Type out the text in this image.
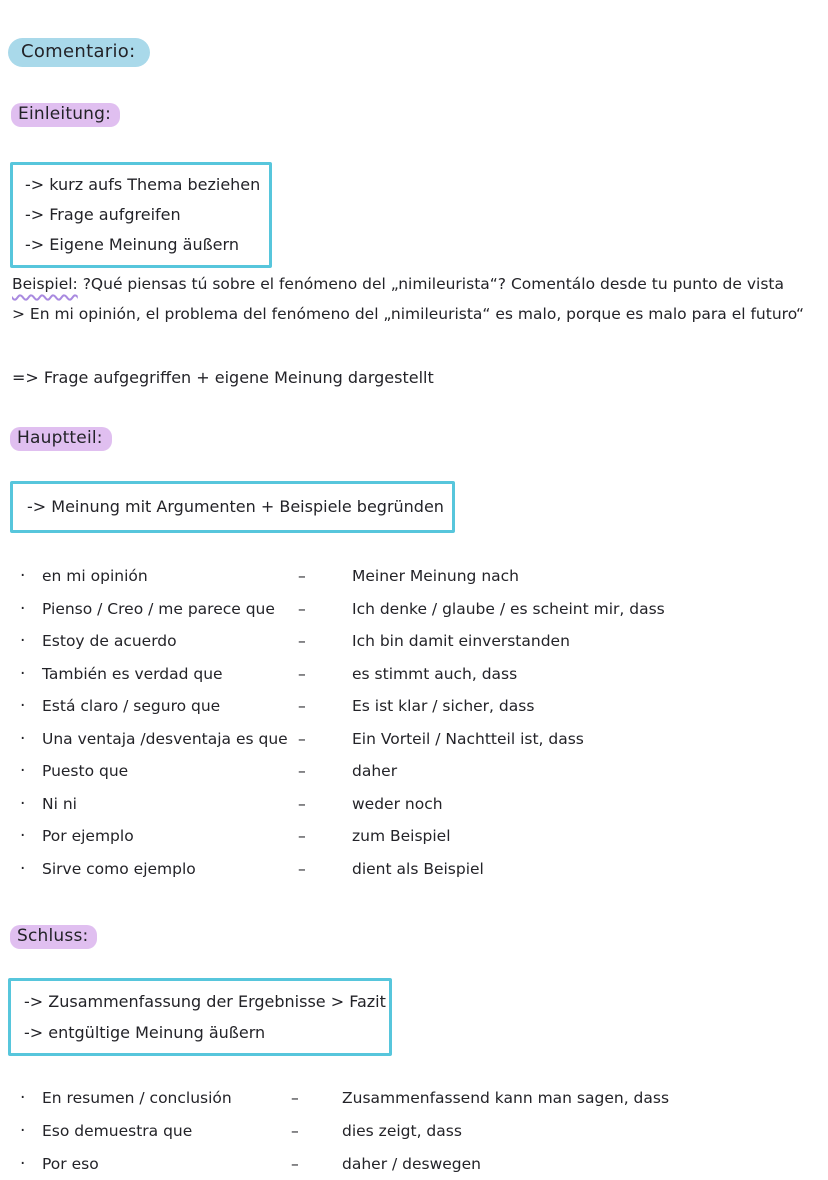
Comentario:
Einleitung:
-> kurz aufs Thema beziehen
-> Frage aufgreifen
-> Eigene Meinung äußern
Beispiel: ?Qué piensas tú sobre el fenómeno del „nimileurista“? Comentálo desde tu punto de vista
> En mi opinión, el problema del fenómeno del „nimileurista“ es malo, porque es malo para el futuro“
=> Frage aufgegriffen + eigene Meinung dargestellt
Hauptteil:
-> Meinung mit Argumenten + Beispiele begründen
·	en mi opinión	–	Meiner Meinung nach
·	Pienso / Creo / me parece que	–	Ich denke / glaube / es scheint mir, dass
·	Estoy de acuerdo	–	Ich bin damit einverstanden
·	También es verdad que	–	es stimmt auch, dass
·	Está claro / seguro que	–	Es ist klar / sicher, dass
·	Una ventaja /desventaja es que –	Ein Vorteil / Nachtteil ist, dass
·	Puesto que	–	daher
·	Ni ni	–	weder noch
·	Por ejemplo	–	zum Beispiel
·	Sirve como ejemplo	–	dient als Beispiel
Schluss:
-> Zusammenfassung der Ergebnisse > Fazit
-> entgültige Meinung äußern
·	En resumen / conclusión	–	Zusammenfassend kann man sagen, dass
·	Eso demuestra que	–	dies zeigt, dass
·	Por eso	–	daher / deswegen
